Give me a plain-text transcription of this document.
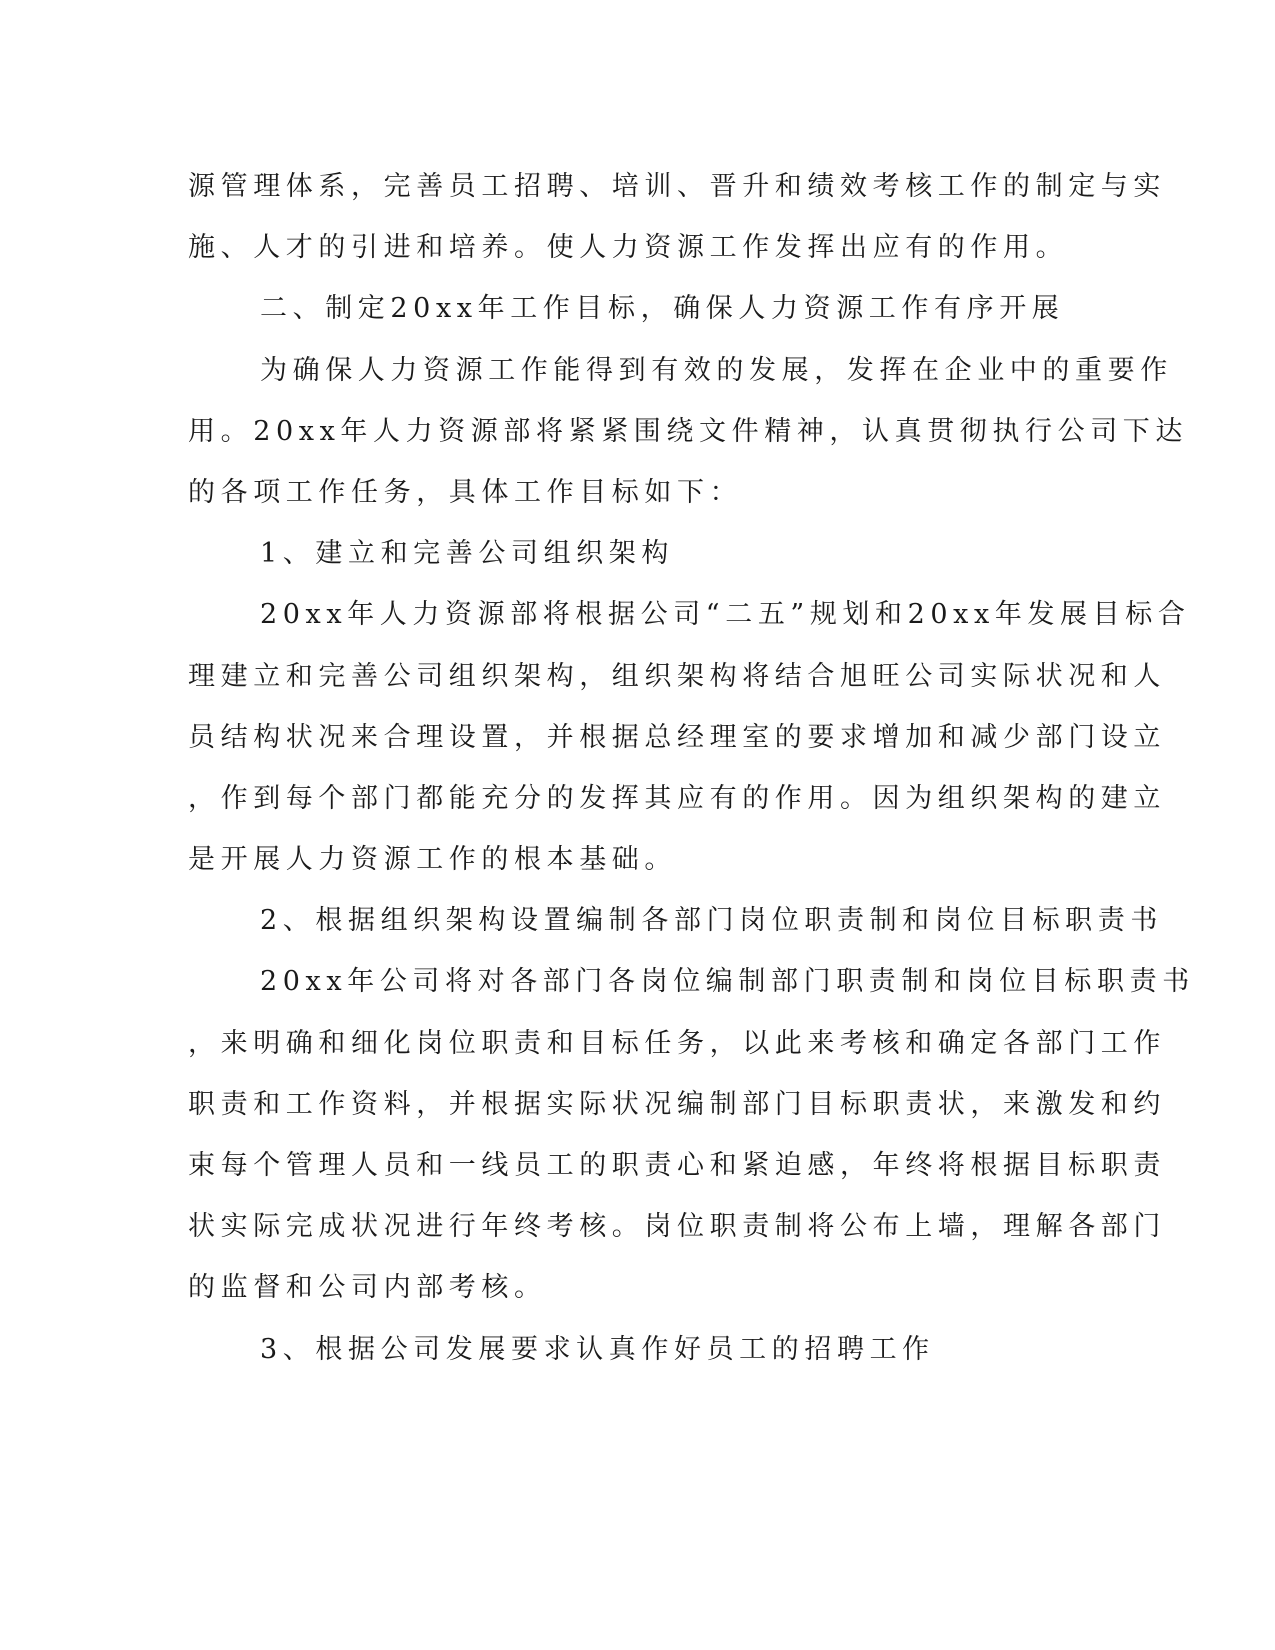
源管理体系，完善员工招聘、培训、晋升和绩效考核工作的制定与实
施、人才的引进和培养。使人力资源工作发挥出应有的作用。
二、制定20xx年工作目标，确保人力资源工作有序开展
为确保人力资源工作能得到有效的发展，发挥在企业中的重要作
用。20xx年人力资源部将紧紧围绕文件精神，认真贯彻执行公司下达
的各项工作任务，具体工作目标如下：
1、建立和完善公司组织架构
20xx年人力资源部将根据公司“二五”规划和20xx年发展目标合
理建立和完善公司组织架构，组织架构将结合旭旺公司实际状况和人
员结构状况来合理设置，并根据总经理室的要求增加和减少部门设立
，作到每个部门都能充分的发挥其应有的作用。因为组织架构的建立
是开展人力资源工作的根本基础。
2、根据组织架构设置编制各部门岗位职责制和岗位目标职责书
20xx年公司将对各部门各岗位编制部门职责制和岗位目标职责书
，来明确和细化岗位职责和目标任务，以此来考核和确定各部门工作
职责和工作资料，并根据实际状况编制部门目标职责状，来激发和约
束每个管理人员和一线员工的职责心和紧迫感，年终将根据目标职责
状实际完成状况进行年终考核。岗位职责制将公布上墙，理解各部门
的监督和公司内部考核。
3、根据公司发展要求认真作好员工的招聘工作
